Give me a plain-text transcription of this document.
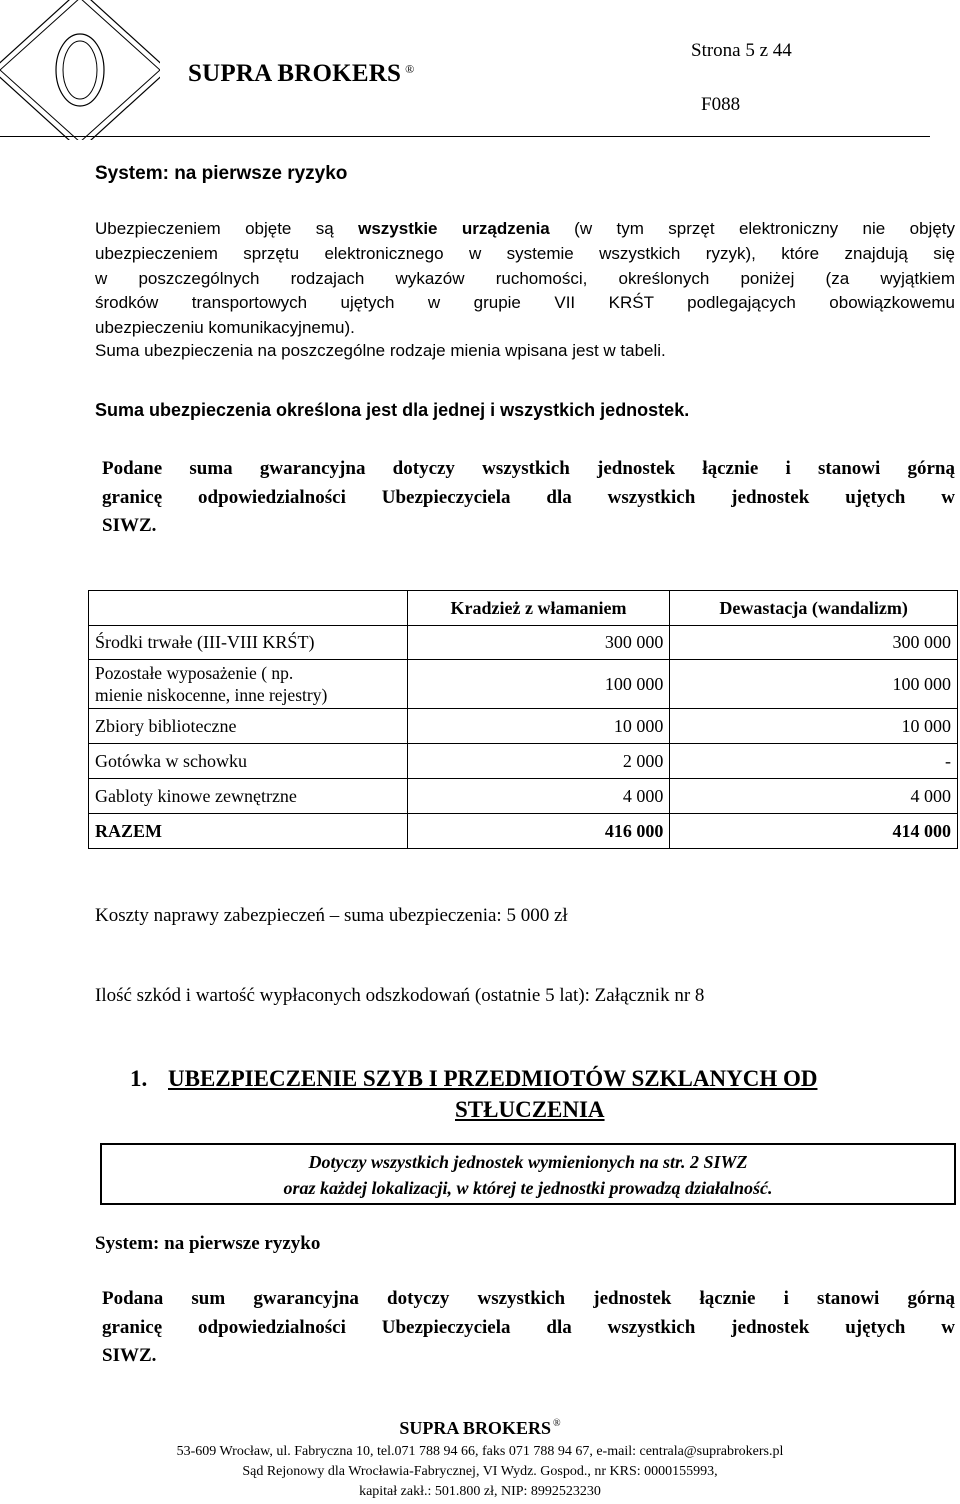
SUPRA BROKERS ®
Strona 5 z 44
F088
System: na pierwsze ryzyko
Ubezpieczeniem objęte są wszystkie urządzenia (w tym sprzęt elektroniczny nie objęty
ubezpieczeniem sprzętu elektronicznego w systemie wszystkich ryzyk), które znajdują się
w poszczególnych rodzajach wykazów ruchomości, określonych poniżej (za wyjątkiem
środków transportowych ujętych w grupie VII KRŚT podlegających obowiązkowemu
ubezpieczeniu komunikacyjnemu).
Suma ubezpieczenia na poszczególne rodzaje mienia wpisana jest w tabeli.
Suma ubezpieczenia określona jest dla jednej i wszystkich jednostek.
Podane suma gwarancyjna dotyczy wszystkich jednostek łącznie i stanowi górną
granicę odpowiedzialności Ubezpieczyciela dla wszystkich jednostek ujętych w
SIWZ.
	Kradzież z włamaniem	Dewastacja (wandalizm)
Środki trwałe (III-VIII KRŚT)	300 000	300 000
Pozostałe wyposażenie ( np.
mienie niskocenne, inne rejestry)	100 000	100 000
Zbiory biblioteczne	10 000	10 000
Gotówka w schowku	2 000	-
Gabloty kinowe zewnętrzne	4 000	4 000
RAZEM	416 000	414 000
Koszty naprawy zabezpieczeń – suma ubezpieczenia: 5 000 zł
Ilość szkód i wartość wypłaconych odszkodowań (ostatnie 5 lat): Załącznik nr 8
1. UBEZPIECZENIE SZYB I PRZEDMIOTÓW SZKLANYCH OD
STŁUCZENIA
Dotyczy wszystkich jednostek wymienionych na str. 2 SIWZ
oraz każdej lokalizacji, w której te jednostki prowadzą działalność.
System: na pierwsze ryzyko
Podana sum gwarancyjna dotyczy wszystkich jednostek łącznie i stanowi górną
granicę odpowiedzialności Ubezpieczyciela dla wszystkich jednostek ujętych w
SIWZ.
SUPRA BROKERS ®
53-609 Wrocław, ul. Fabryczna 10, tel.071 788 94 66, faks 071 788 94 67, e-mail: centrala@suprabrokers.pl
Sąd Rejonowy dla Wrocławia-Fabrycznej, VI Wydz. Gospod., nr KRS: 0000155993,
kapitał zakł.: 501.800 zł, NIP: 8992523230
